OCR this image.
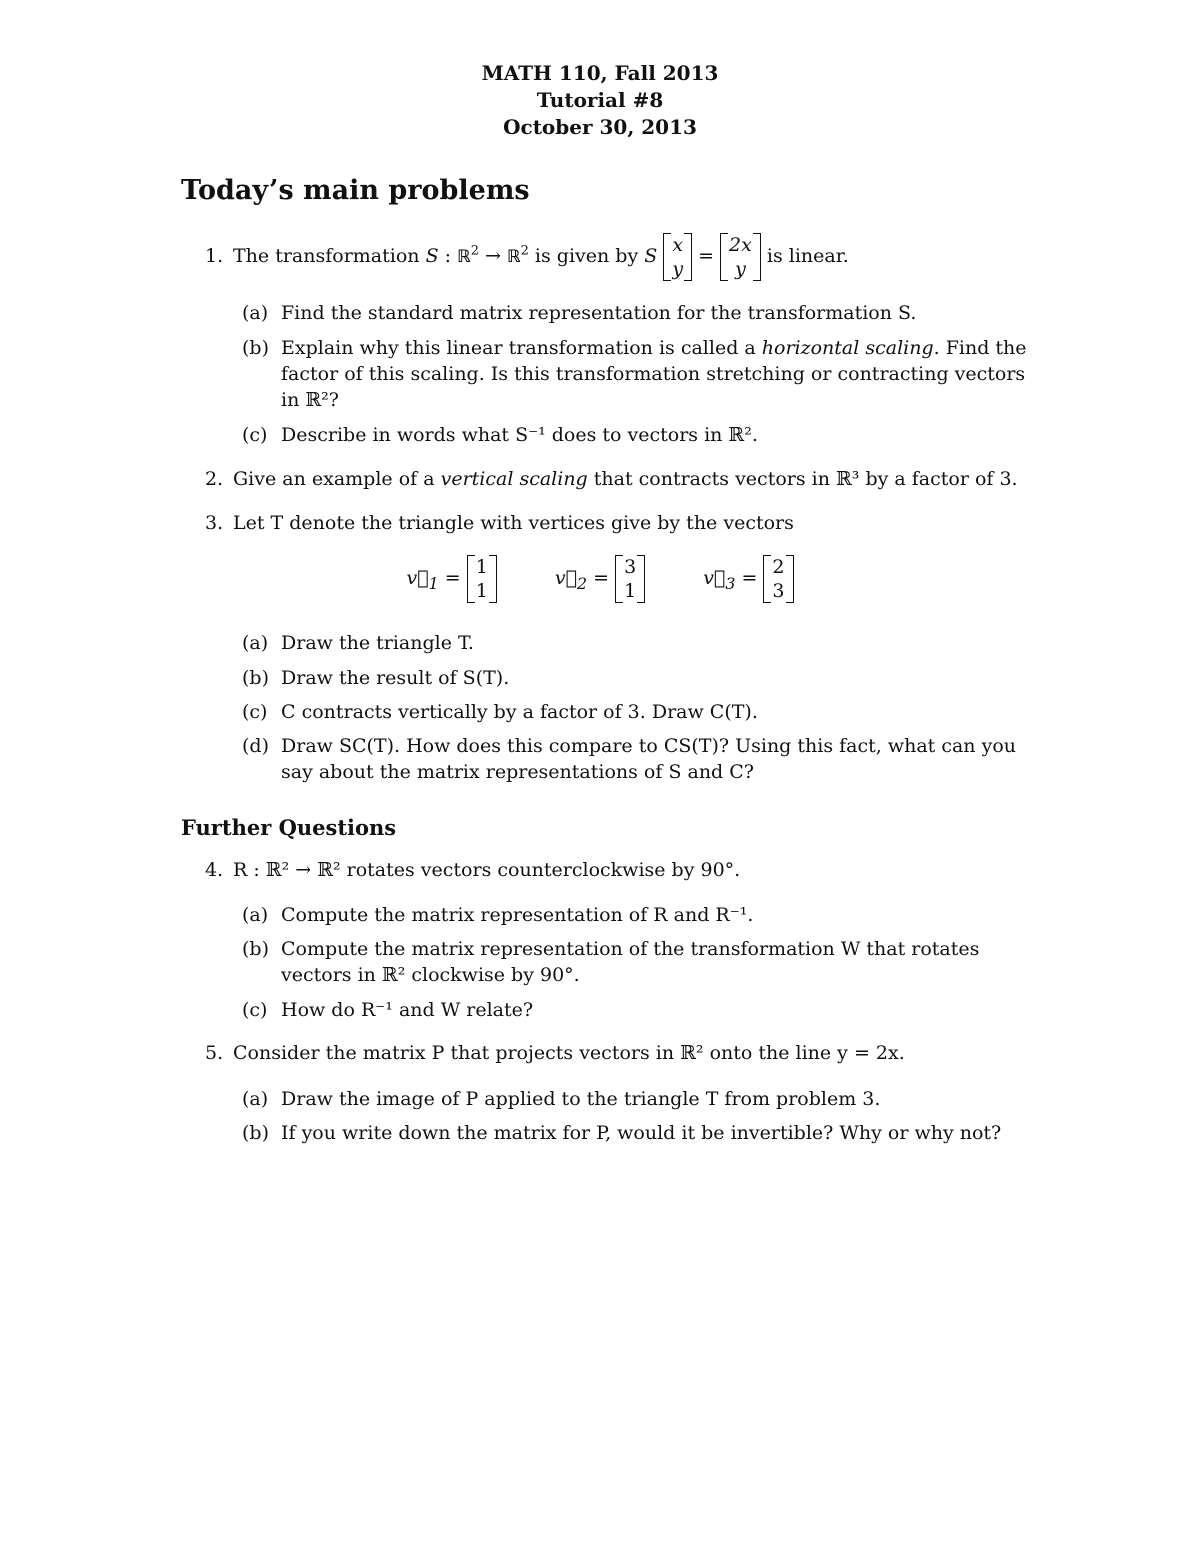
MATH 110, Fall 2013
Tutorial #8
October 30, 2013
Today’s main problems
1. The transformation S : ℝ$^2$ → ℝ$^2$ is given by S x
y
= 2x
y
is linear.
(a) Find the standard matrix representation for the transformation S.
(b) Explain why this linear transformation is called a horizontal scaling. Find the factor of this scaling. Is this transformation stretching or contracting vectors in ℝ²?
(c) Describe in words what S⁻¹ does to vectors in ℝ².
2. Give an example of a vertical scaling that contracts vectors in ℝ³ by a factor of 3.
3. Let T denote the triangle with vertices give by the vectors
$v⃗_1 = 1$
1
$v⃗_2 = 3$
1
$v⃗_3 = 2$
3
(a) Draw the triangle T.
(b) Draw the result of S(T).
(c) C contracts vertically by a factor of 3. Draw C(T).
(d) Draw SC(T). How does this compare to CS(T)? Using this fact, what can you say about the matrix representations of S and C?
Further Questions
4. R : ℝ² → ℝ² rotates vectors counterclockwise by 90°.
(a) Compute the matrix representation of R and R⁻¹.
(b) Compute the matrix representation of the transformation W that rotates vectors in ℝ² clockwise by 90°.
(c) How do R⁻¹ and W relate?
5. Consider the matrix P that projects vectors in ℝ² onto the line y = 2x.
(a) Draw the image of P applied to the triangle T from problem 3.
(b) If you write down the matrix for P, would it be invertible? Why or why not?
